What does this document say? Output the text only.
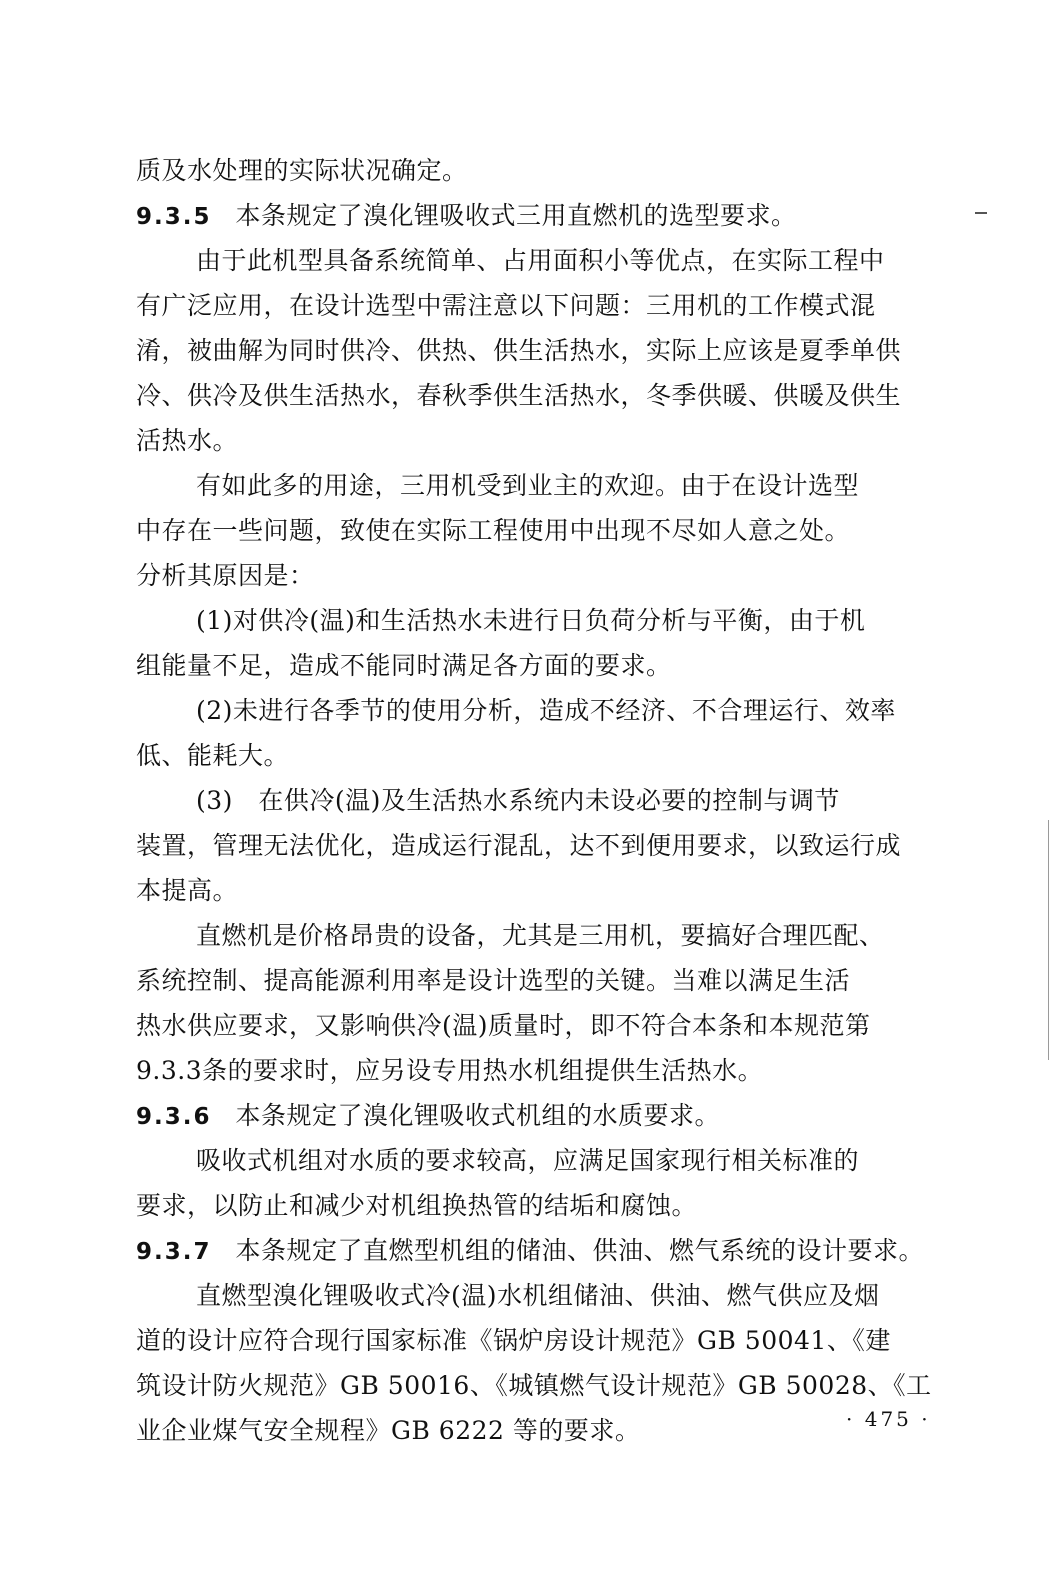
质及水处理的实际状况确定。
9.3.5 本条规定了溴化锂吸收式三用直燃机的选型要求。
由于此机型具备系统简单、占用面积小等优点，在实际工程中
有广泛应用，在设计选型中需注意以下问题：三用机的工作模式混
淆，被曲解为同时供冷、供热、供生活热水，实际上应该是夏季单供
冷、供冷及供生活热水，春秋季供生活热水，冬季供暖、供暖及供生
活热水。
有如此多的用途，三用机受到业主的欢迎。由于在设计选型
中存在一些问题，致使在实际工程使用中出现不尽如人意之处。
分析其原因是：
(1)对供冷(温)和生活热水未进行日负荷分析与平衡，由于机
组能量不足，造成不能同时满足各方面的要求。
(2)未进行各季节的使用分析，造成不经济、不合理运行、效率
低、能耗大。
(3)　在供冷(温)及生活热水系统内未设必要的控制与调节
装置，管理无法优化，造成运行混乱，达不到便用要求，以致运行成
本提高。
直燃机是价格昂贵的设备，尤其是三用机，要搞好合理匹配、
系统控制、提高能源利用率是设计选型的关键。当难以满足生活
热水供应要求，又影响供冷(温)质量时，即不符合本条和本规范第
9.3.3条的要求时，应另设专用热水机组提供生活热水。
9.3.6 本条规定了溴化锂吸收式机组的水质要求。
吸收式机组对水质的要求较高，应满足国家现行相关标准的
要求，以防止和减少对机组换热管的结垢和腐蚀。
9.3.7 本条规定了直燃型机组的储油、供油、燃气系统的设计要求。
直燃型溴化锂吸收式冷(温)水机组储油、供油、燃气供应及烟
道的设计应符合现行国家标准《锅炉房设计规范》GB 50041、《建
筑设计防火规范》GB 50016、《城镇燃气设计规范》GB 50028、《工
业企业煤气安全规程》GB 6222 等的要求。	· 475 ·
